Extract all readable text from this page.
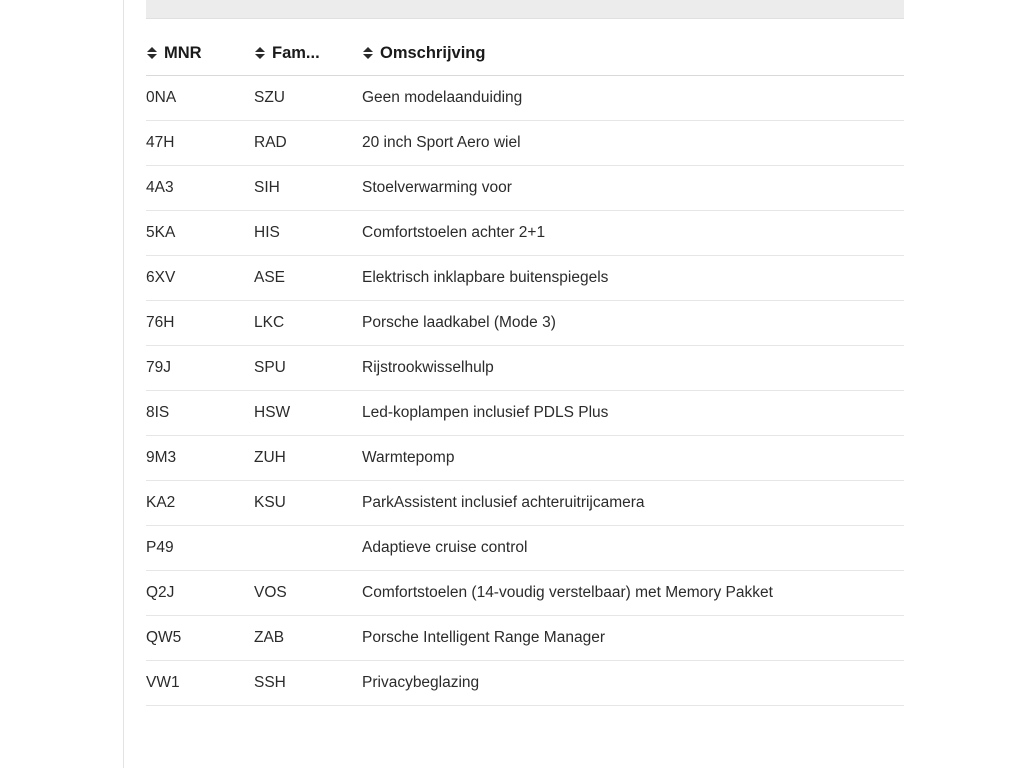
MNR	Fam...	Omschrijving
0NA	SZU	Geen modelaanduiding
47H	RAD	20 inch Sport Aero wiel
4A3	SIH	Stoelverwarming voor
5KA	HIS	Comfortstoelen achter 2+1
6XV	ASE	Elektrisch inklapbare buitenspiegels
76H	LKC	Porsche laadkabel (Mode 3)
79J	SPU	Rijstrookwisselhulp
8IS	HSW	Led-koplampen inclusief PDLS Plus
9M3	ZUH	Warmtepomp
KA2	KSU	ParkAssistent inclusief achteruitrijcamera
P49		Adaptieve cruise control
Q2J	VOS	Comfortstoelen (14-voudig verstelbaar) met Memory Pakket
QW5	ZAB	Porsche Intelligent Range Manager
VW1	SSH	Privacybeglazing
